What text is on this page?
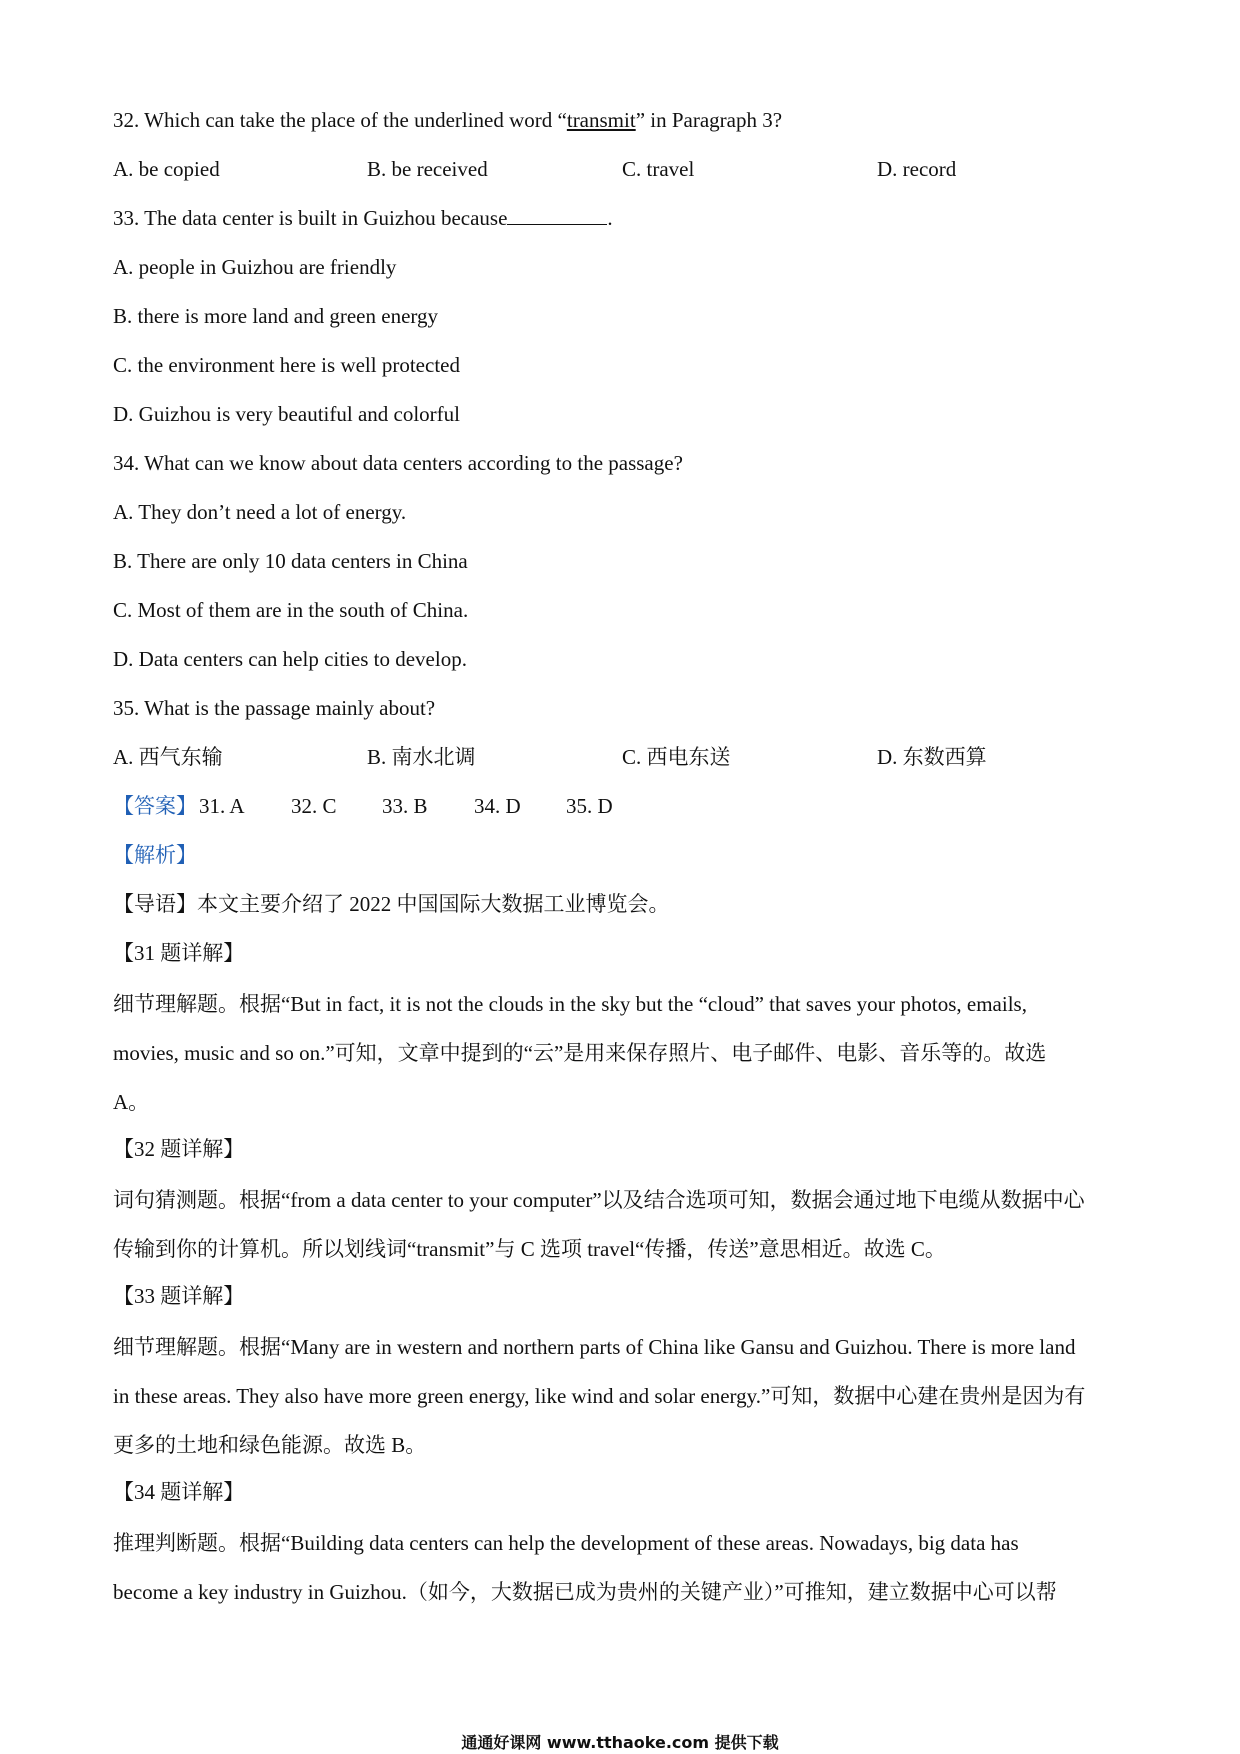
32. Which can take the place of the underlined word “transmit” in Paragraph 3?
A. be copied	B. be received	C. travel	D. record
33. The data center is built in Guizhou because	.
A. people in Guizhou are friendly
B. there is more land and green energy
C. the environment here is well protected
D. Guizhou is very beautiful and colorful
34. What can we know about data centers according to the passage?
A. They don’t need a lot of energy.
B. There are only 10 data centers in China
C. Most of them are in the south of China.
D. Data centers can help cities to develop.
35. What is the passage mainly about?
A. 西气东输	B. 南水北调	C. 西电东送	D. 东数西算
【答案】 31. A 32. C 33. B 34. D 35. D
【解析】
【导语】本文主要介绍了 2022 中国国际大数据工业博览会。
【31 题详解】
细节理解题。根据“But in fact, it is not the clouds in the sky but the “cloud” that saves your photos, emails,
movies, music and so on.”可知，文章中提到的“云”是用来保存照片、电子邮件、电影、音乐等的。故选
A。
【32 题详解】
词句猜测题。根据“from a data center to your computer”以及结合选项可知，数据会通过地下电缆从数据中心
传输到你的计算机。所以划线词“transmit”与 C 选项 travel“传播，传送”意思相近。故选 C。
【33 题详解】
细节理解题。根据“Many are in western and northern parts of China like Gansu and Guizhou. There is more land
in these areas. They also have more green energy, like wind and solar energy.”可知，数据中心建在贵州是因为有
更多的土地和绿色能源。故选 B。
【34 题详解】
推理判断题。根据“Building data centers can help the development of these areas. Nowadays, big data has
become a key industry in Guizhou.（如今，大数据已成为贵州的关键产业）”可推知，建立数据中心可以帮
通通好课网 www.tthaoke.com 提供下载
